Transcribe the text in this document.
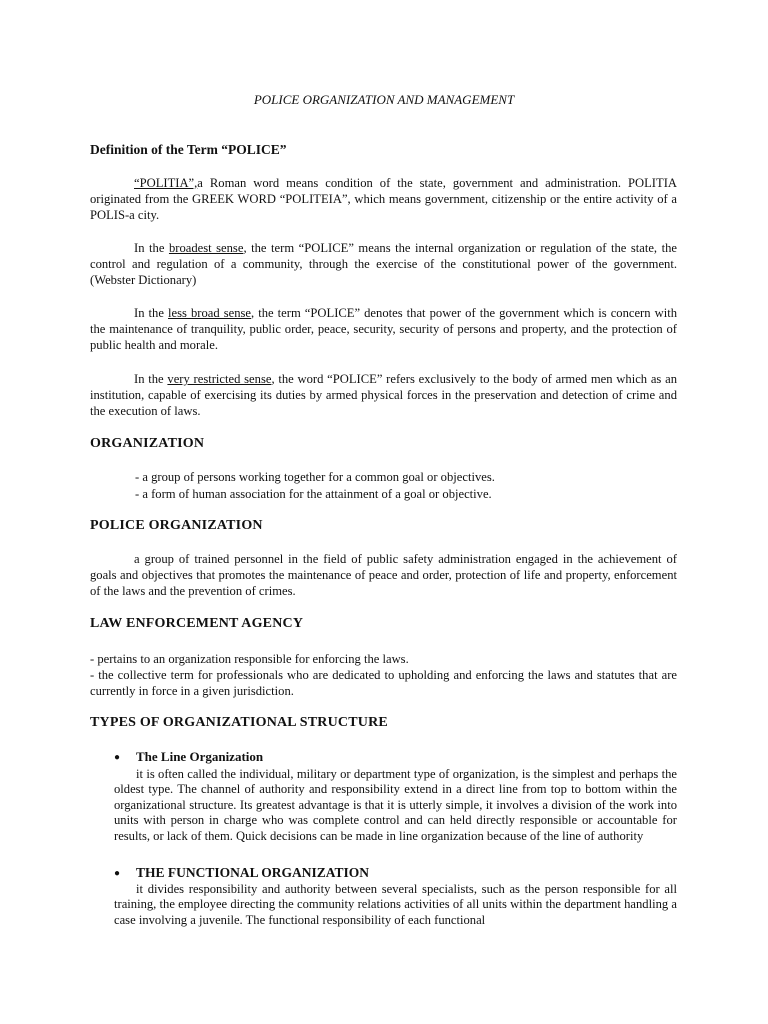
POLICE ORGANIZATION AND MANAGEMENT

Definition of the Term “POLICE”

“POLITIA”,a Roman word means condition of the state, government and administration. POLITIA originated from the GREEK WORD “POLITEIA”, which means government, citizenship or the entire activity of a POLIS-a city.

In the broadest sense, the term “POLICE” means the internal organization or regulation of the state, the control and regulation of a community, through the exercise of the constitutional power of the government. (Webster Dictionary)

In the less broad sense, the term “POLICE” denotes that power of the government which is concern with the maintenance of tranquility, public order, peace, security, security of persons and property, and the protection of public health and morale.

In the very restricted sense, the word “POLICE” refers exclusively to the body of armed men which as an institution, capable of exercising its duties by armed physical forces in the preservation and detection of crime and the execution of laws.

ORGANIZATION

- a group of persons working together for a common goal or objectives.

- a form of human association for the attainment of a goal or objective.

POLICE ORGANIZATION

a group of trained personnel in the field of public safety administration engaged in the achievement of goals and objectives that promotes the maintenance of peace and order, protection of life and property, enforcement of the laws and the prevention of crimes.

LAW ENFORCEMENT AGENCY

- pertains to an organization responsible for enforcing the laws.

- the collective term for professionals who are dedicated to upholding and enforcing the laws and statutes that are currently in force in a given jurisdiction.

TYPES OF ORGANIZATIONAL STRUCTURE

● The Line Organization

it is often called the individual, military or department type of organization, is the simplest and perhaps the oldest type. The channel of authority and responsibility extend in a direct line from top to bottom within the organizational structure. Its greatest advantage is that it is utterly simple, it involves a division of the work into units with person in charge who was complete control and can held directly responsible or accountable for results, or lack of them. Quick decisions can be made in line organization because of the line of authority

● THE FUNCTIONAL ORGANIZATION

it divides responsibility and authority between several specialists, such as the person responsible for all training, the employee directing the community relations activities of all units within the department handling a case involving a juvenile. The functional responsibility of each functional
